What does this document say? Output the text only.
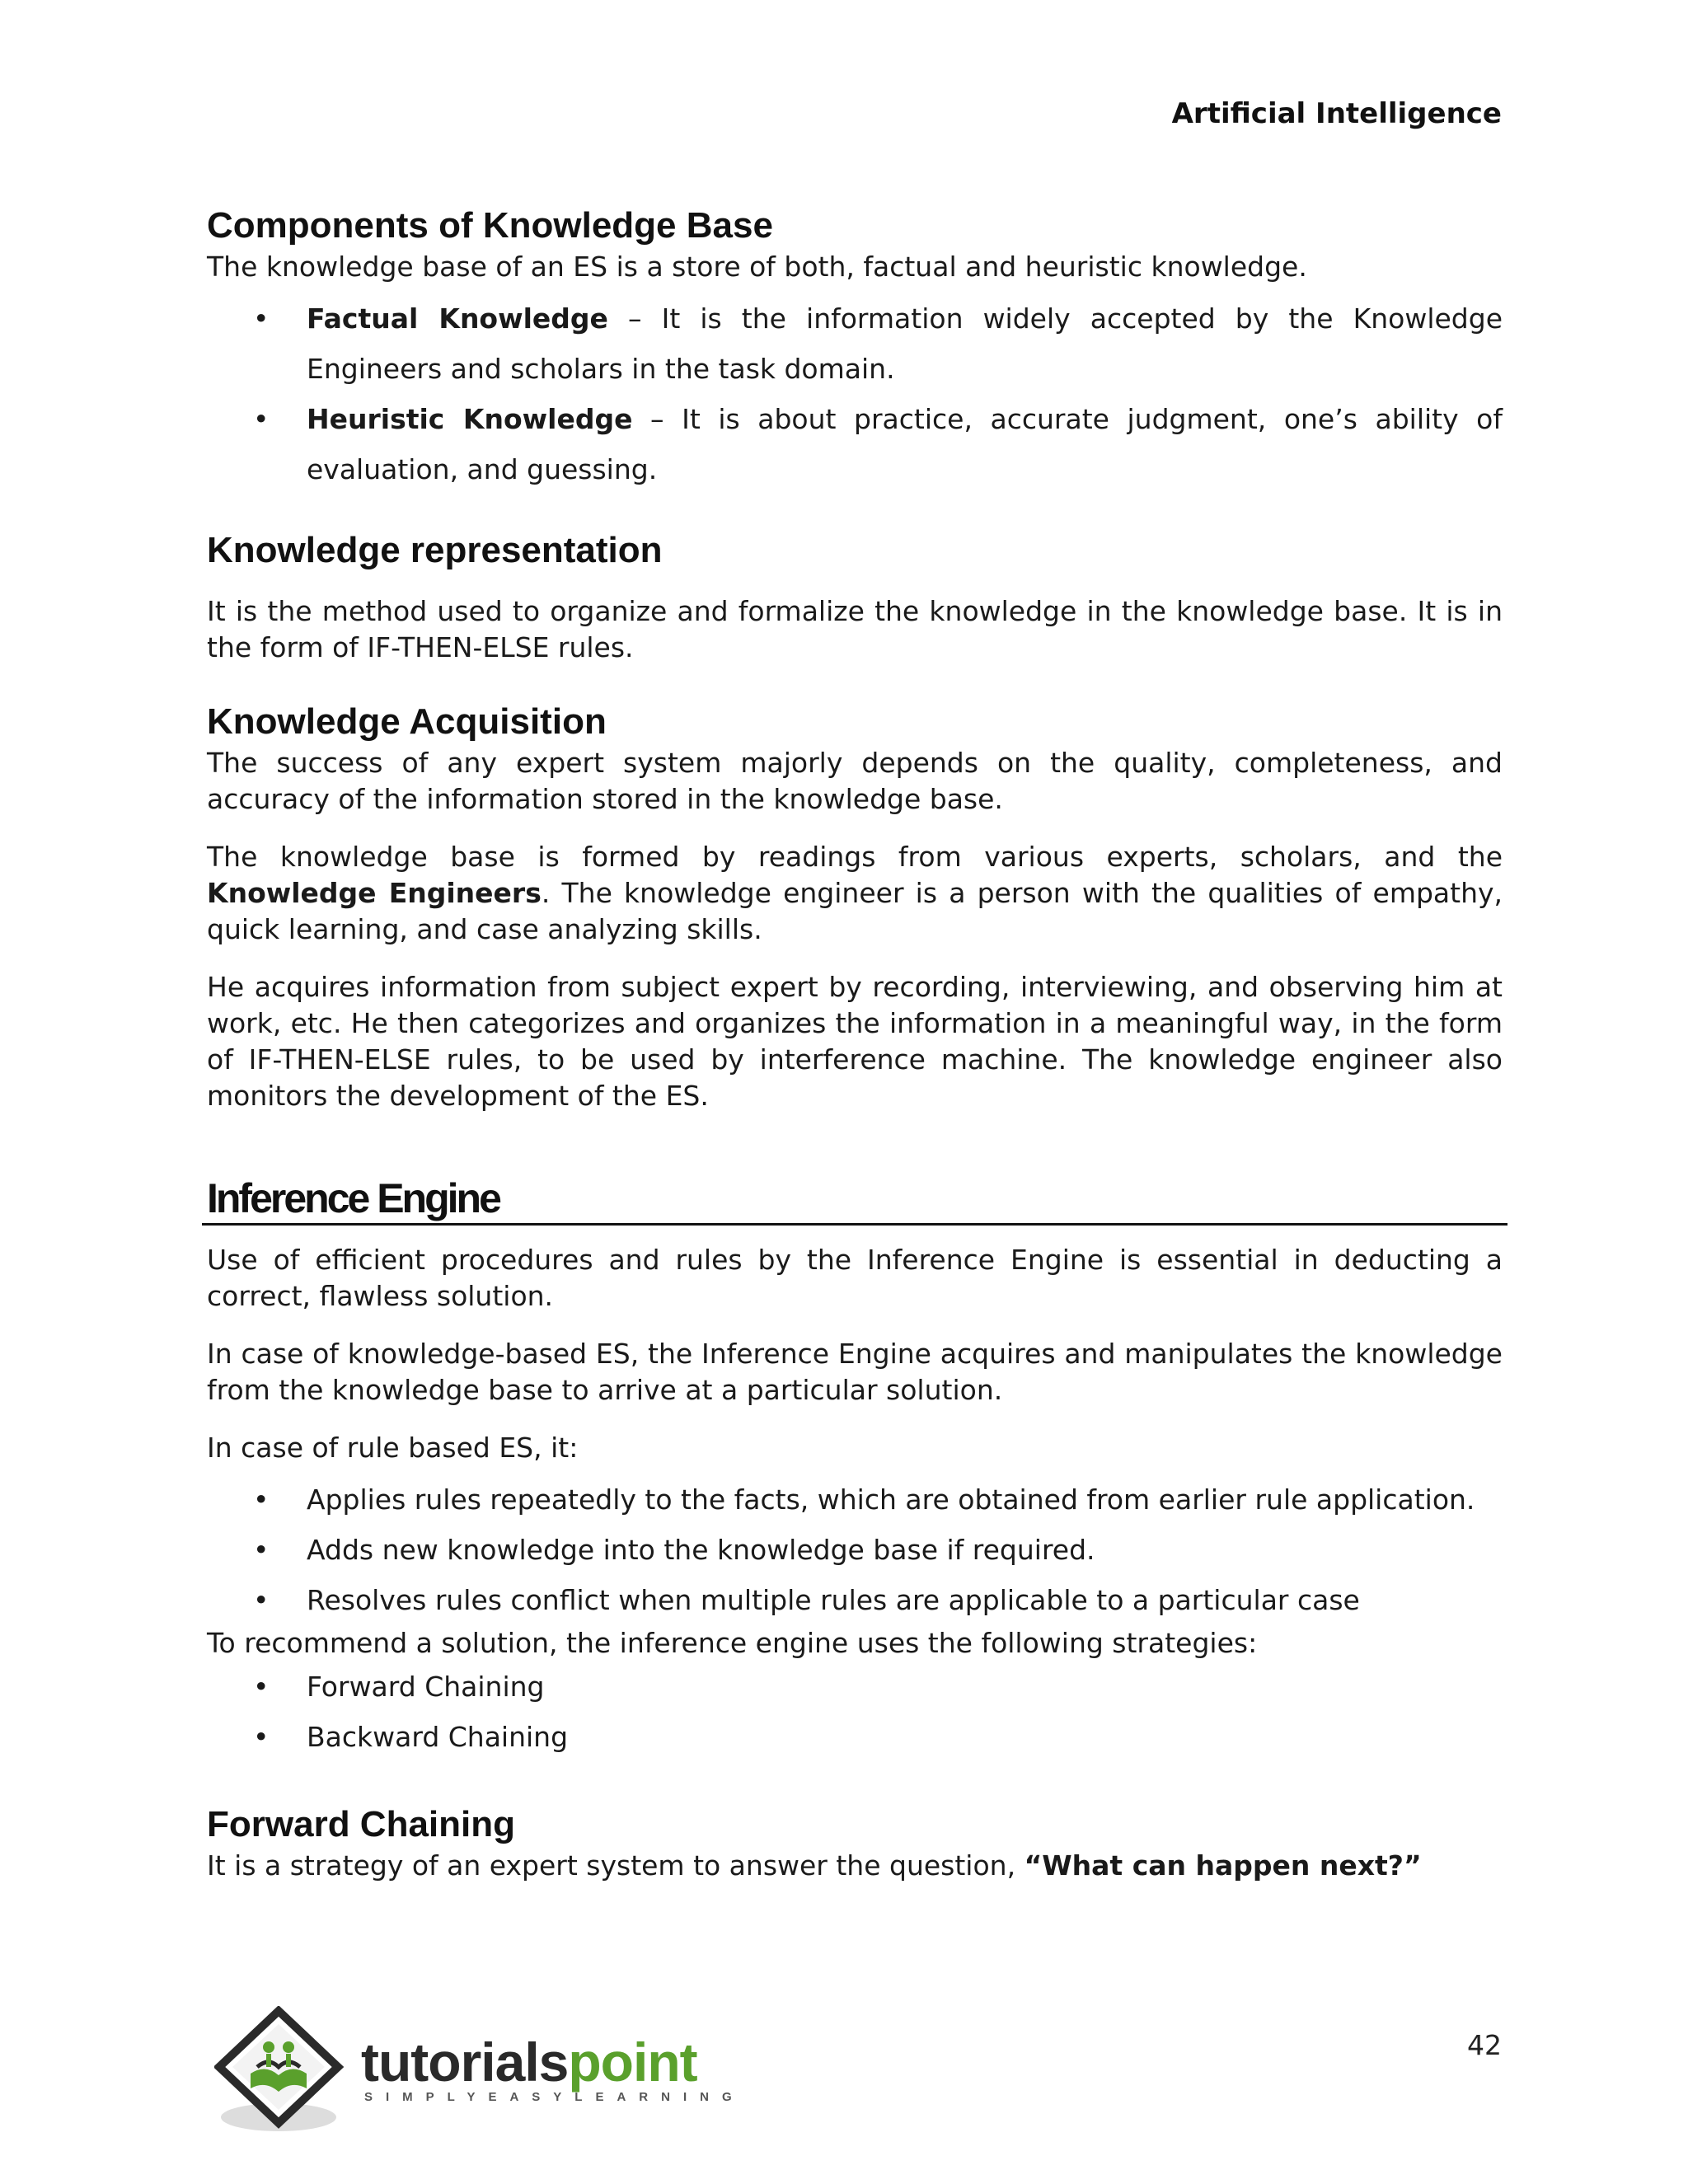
Artificial Intelligence
Components of Knowledge Base

The knowledge base of an ES is a store of both, factual and heuristic knowledge.

• Factual Knowledge – It is the information widely accepted by the Knowledge Engineers and scholars in the task domain.
• Heuristic Knowledge – It is about practice, accurate judgment, one’s ability of evaluation, and guessing.
Knowledge representation

It is the method used to organize and formalize the knowledge in the knowledge base. It is in the form of IF-THEN-ELSE rules.

Knowledge Acquisition

The success of any expert system majorly depends on the quality, completeness, and accuracy of the information stored in the knowledge base.

The knowledge base is formed by readings from various experts, scholars, and the Knowledge Engineers. The knowledge engineer is a person with the qualities of empathy, quick learning, and case analyzing skills.

He acquires information from subject expert by recording, interviewing, and observing him at work, etc. He then categorizes and organizes the information in a meaningful way, in the form of IF-THEN-ELSE rules, to be used by interference machine. The knowledge engineer also monitors the development of the ES.

Inference Engine

Use of efficient procedures and rules by the Inference Engine is essential in deducting a correct, flawless solution.

In case of knowledge-based ES, the Inference Engine acquires and manipulates the knowledge from the knowledge base to arrive at a particular solution.

In case of rule based ES, it:

• Applies rules repeatedly to the facts, which are obtained from earlier rule application.
• Adds new knowledge into the knowledge base if required.
• Resolves rules conflict when multiple rules are applicable to a particular case

To recommend a solution, the inference engine uses the following strategies:

• Forward Chaining
• Backward Chaining
Forward Chaining

It is a strategy of an expert system to answer the question, “What can happen next?”

42
tutorialspoint
SIMPLYEASYLEARNING
